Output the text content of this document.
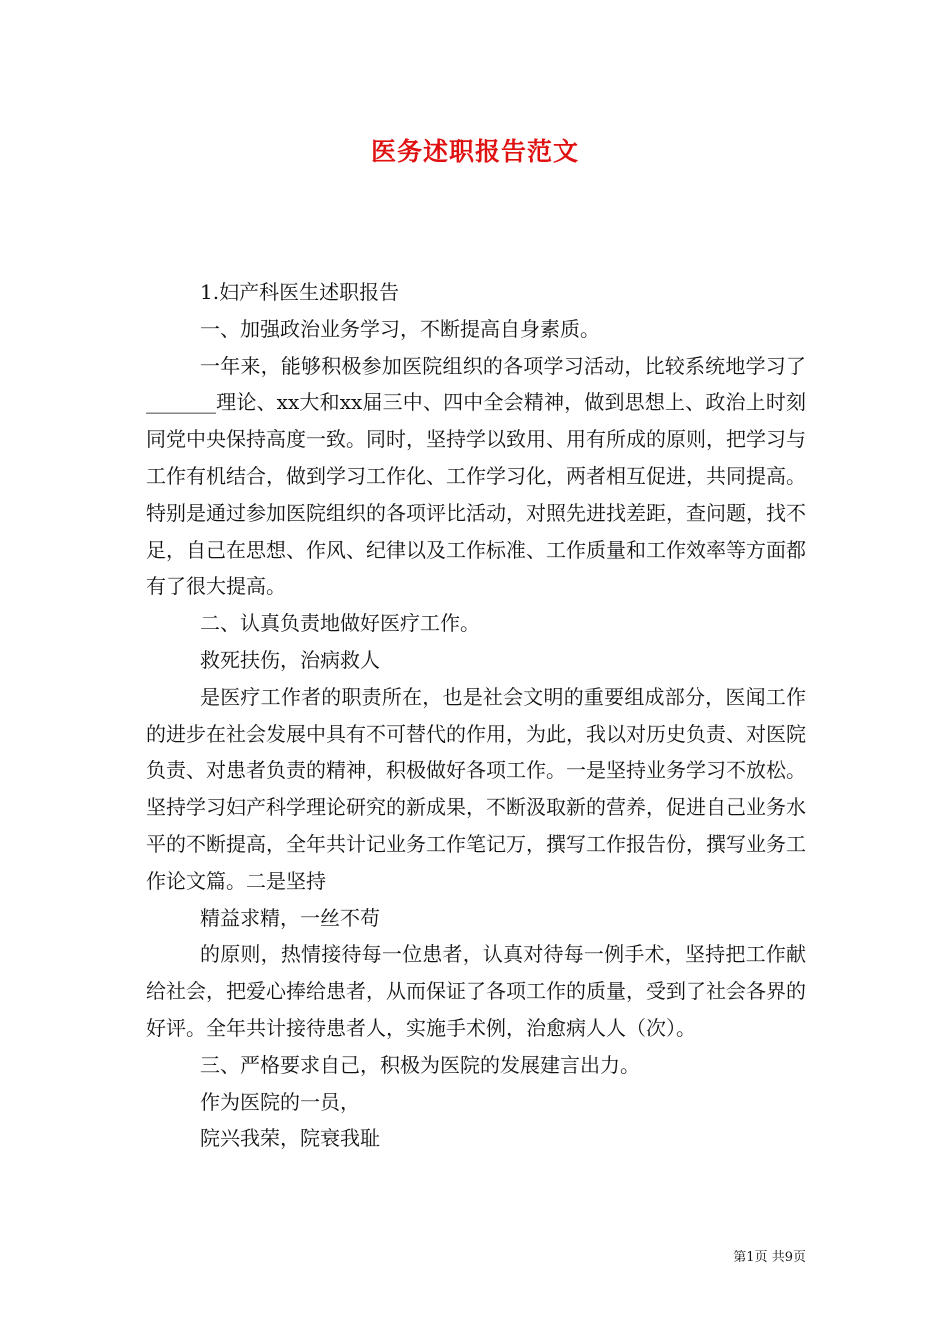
医务述职报告范文

1.妇产科医生述职报告

一、加强政治业务学习，不断提高自身素质。

一年来，能够积极参加医院组织的各项学习活动，比较系统地学习了_______理论、xx大和xx届三中、四中全会精神，做到思想上、政治上时刻同党中央保持高度一致。同时，坚持学以致用、用有所成的原则，把学习与工作有机结合，做到学习工作化、工作学习化，两者相互促进，共同提高。特别是通过参加医院组织的各项评比活动，对照先进找差距，查问题，找不足，自己在思想、作风、纪律以及工作标准、工作质量和工作效率等方面都有了很大提高。

二、认真负责地做好医疗工作。

救死扶伤，治病救人

是医疗工作者的职责所在，也是社会文明的重要组成部分，医闻工作的进步在社会发展中具有不可替代的作用，为此，我以对历史负责、对医院负责、对患者负责的精神，积极做好各项工作。一是坚持业务学习不放松。坚持学习妇产科学理论研究的新成果，不断汲取新的营养，促进自己业务水平的不断提高，全年共计记业务工作笔记万，撰写工作报告份，撰写业务工作论文篇。二是坚持

精益求精，一丝不苟

的原则，热情接待每一位患者，认真对待每一例手术，坚持把工作献给社会，把爱心捧给患者，从而保证了各项工作的质量，受到了社会各界的好评。全年共计接待患者人，实施手术例，治愈病人人（次）。

三、严格要求自己，积极为医院的发展建言出力。

作为医院的一员，

院兴我荣，院衰我耻

第1页 共9页
